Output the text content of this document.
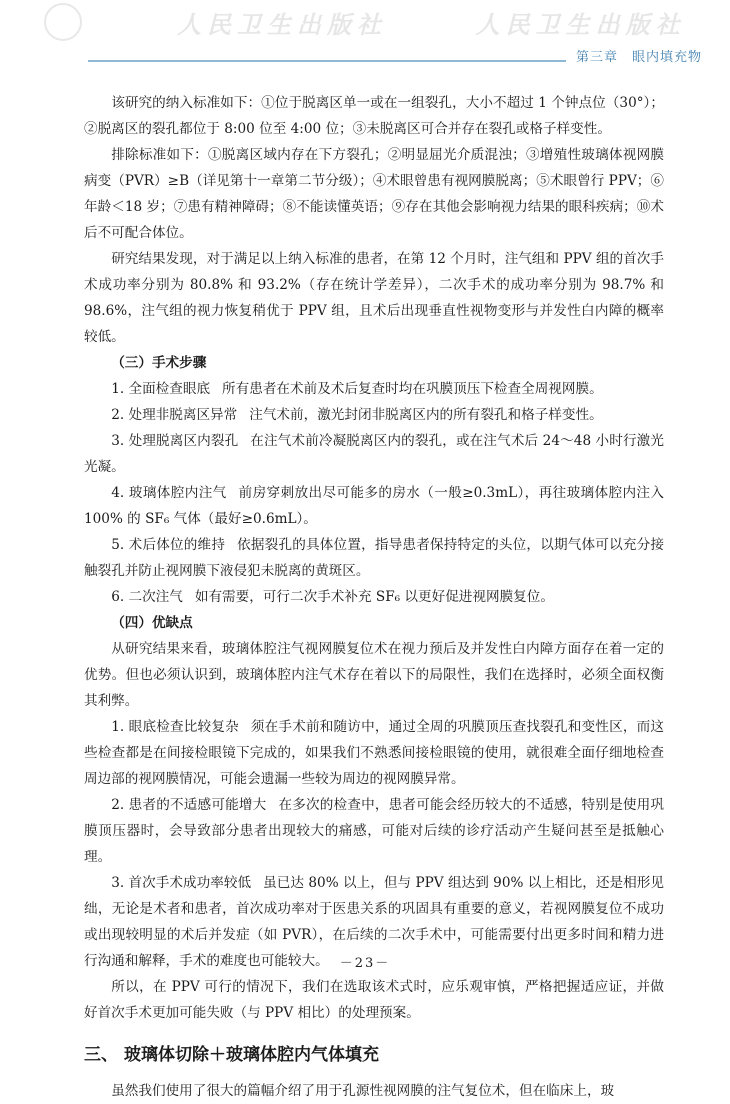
人民卫生出版社	人民卫生出版社
第三章　眼内填充物

该研究的纳入标准如下：①位于脱离区单一或在一组裂孔，大小不超过 1 个钟点位（30°）；②脱离区的裂孔都位于 8:00 位至 4:00 位；③未脱离区可合并存在裂孔或格子样变性。

排除标准如下：①脱离区域内存在下方裂孔；②明显屈光介质混浊；③增殖性玻璃体视网膜病变（PVR）≥B（详见第十一章第二节分级）；④术眼曾患有视网膜脱离；⑤术眼曾行 PPV；⑥年龄＜18 岁；⑦患有精神障碍；⑧不能读懂英语；⑨存在其他会影响视力结果的眼科疾病；⑩术后不可配合体位。

研究结果发现，对于满足以上纳入标准的患者，在第 12 个月时，注气组和 PPV 组的首次手术成功率分别为 80.8% 和 93.2%（存在统计学差异），二次手术的成功率分别为 98.7% 和 98.6%，注气组的视力恢复稍优于 PPV 组，且术后出现垂直性视物变形与并发性白内障的概率较低。

（三）手术步骤

1. 全面检查眼底 所有患者在术前及术后复查时均在巩膜顶压下检查全周视网膜。

2. 处理非脱离区异常 注气术前，激光封闭非脱离区内的所有裂孔和格子样变性。

3. 处理脱离区内裂孔 在注气术前冷凝脱离区内的裂孔，或在注气术后 24～48 小时行激光光凝。

4. 玻璃体腔内注气 前房穿刺放出尽可能多的房水（一般≥0.3mL），再往玻璃体腔内注入 100% 的 SF₆ 气体（最好≥0.6mL）。

5. 术后体位的维持 依据裂孔的具体位置，指导患者保持特定的头位，以期气体可以充分接触裂孔并防止视网膜下液侵犯未脱离的黄斑区。

6. 二次注气 如有需要，可行二次手术补充 SF₆ 以更好促进视网膜复位。

（四）优缺点

从研究结果来看，玻璃体腔注气视网膜复位术在视力预后及并发性白内障方面存在着一定的优势。但也必须认识到，玻璃体腔内注气术存在着以下的局限性，我们在选择时，必须全面权衡其利弊。

1. 眼底检查比较复杂 须在手术前和随访中，通过全周的巩膜顶压查找裂孔和变性区，而这些检查都是在间接检眼镜下完成的，如果我们不熟悉间接检眼镜的使用，就很难全面仔细地检查周边部的视网膜情况，可能会遗漏一些较为周边的视网膜异常。

2. 患者的不适感可能增大 在多次的检查中，患者可能会经历较大的不适感，特别是使用巩膜顶压器时，会导致部分患者出现较大的痛感，可能对后续的诊疗活动产生疑问甚至是抵触心理。

3. 首次手术成功率较低 虽已达 80% 以上，但与 PPV 组达到 90% 以上相比，还是相形见绌，无论是术者和患者，首次成功率对于医患关系的巩固具有重要的意义，若视网膜复位不成功或出现较明显的术后并发症（如 PVR），在后续的二次手术中，可能需要付出更多时间和精力进行沟通和解释，手术的难度也可能较大。

所以，在 PPV 可行的情况下，我们在选取该术式时，应乐观审慎，严格把握适应证，并做好首次手术更加可能失败（与 PPV 相比）的处理预案。

三、 玻璃体切除＋玻璃体腔内气体填充

虽然我们使用了很大的篇幅介绍了用于孔源性视网膜的注气复位术，但在临床上，玻

－23－
